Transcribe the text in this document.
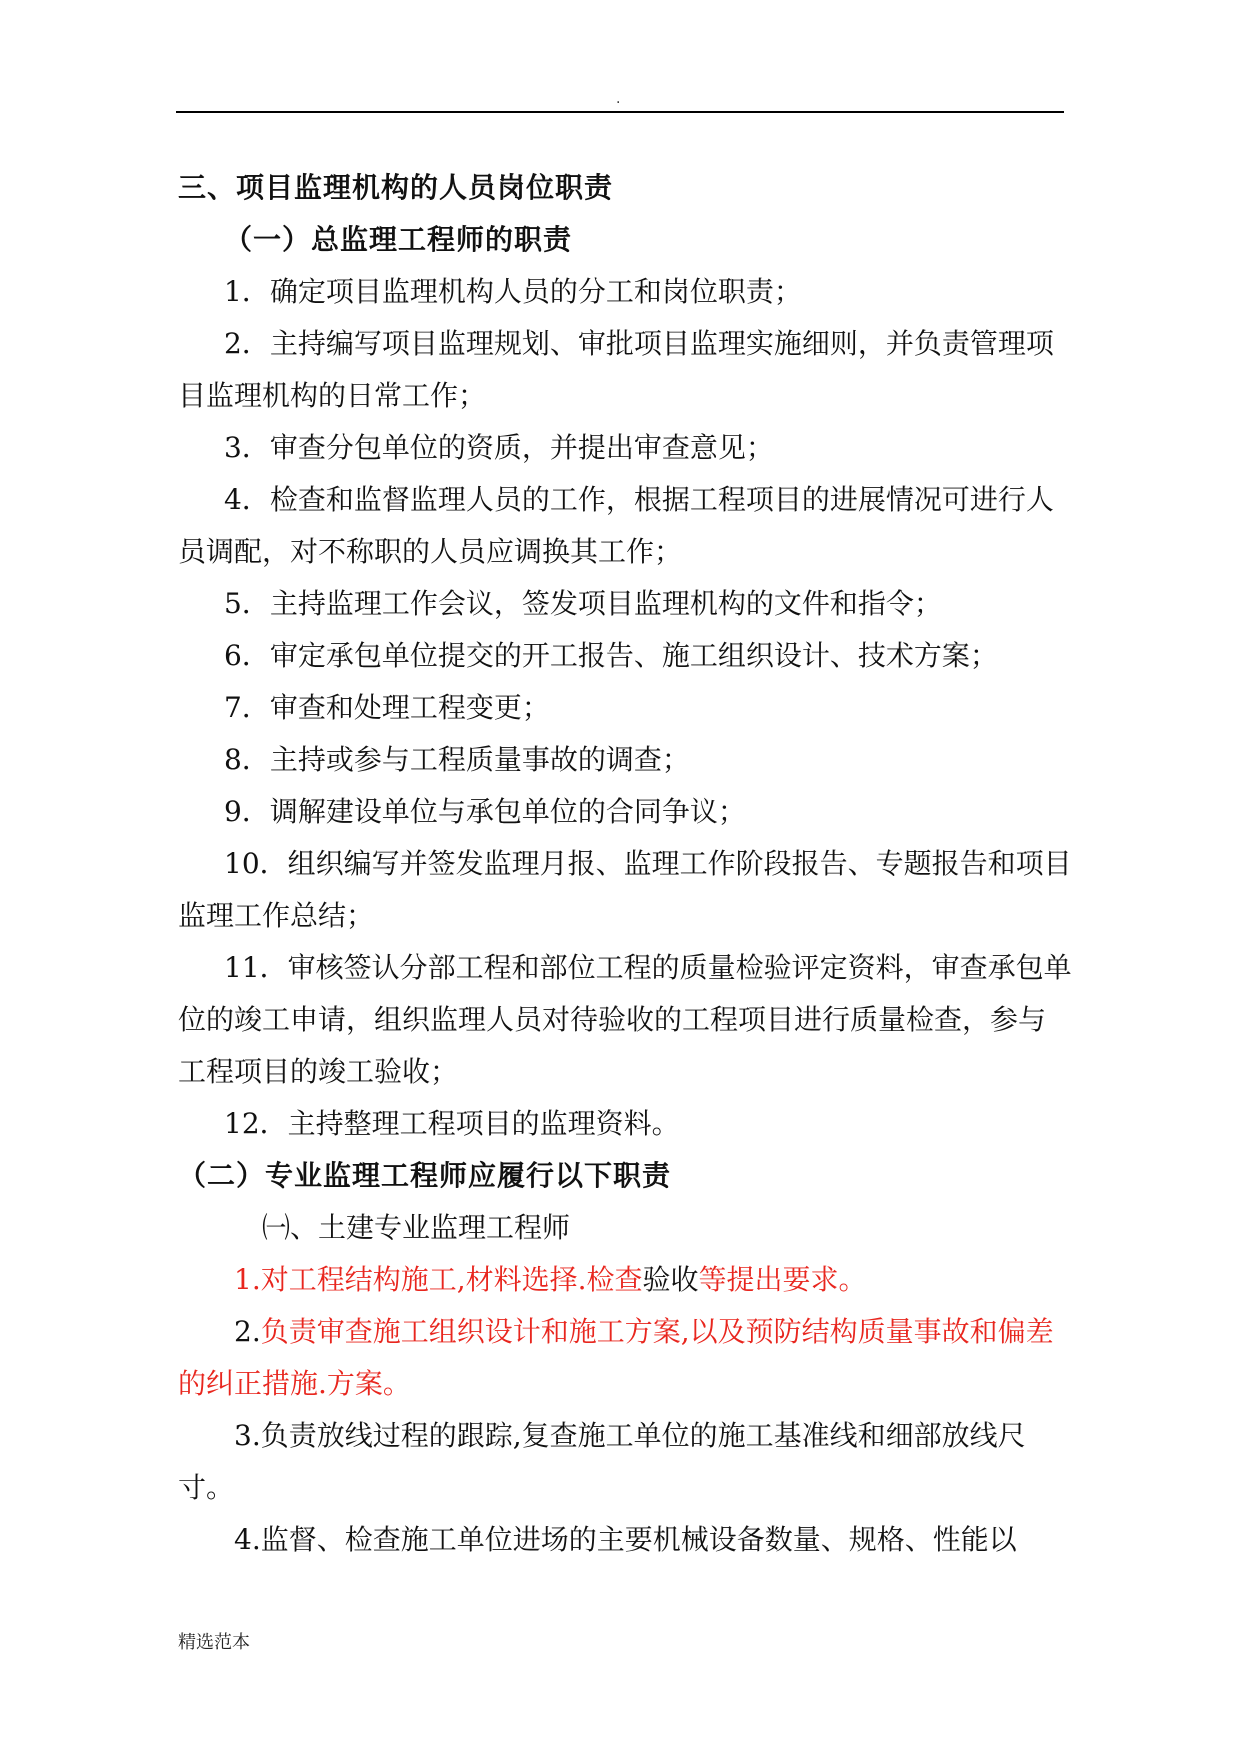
.

三、项目监理机构的人员岗位职责

（一）总监理工程师的职责

1．确定项目监理机构人员的分工和岗位职责；

2．主持编写项目监理规划、审批项目监理实施细则，并负责管理项目监理机构的日常工作；

3．审查分包单位的资质，并提出审查意见；

4．检查和监督监理人员的工作，根据工程项目的进展情况可进行人员调配，对不称职的人员应调换其工作；

5．主持监理工作会议，签发项目监理机构的文件和指令；

6．审定承包单位提交的开工报告、施工组织设计、技术方案；

7．审查和处理工程变更；

8．主持或参与工程质量事故的调查；

9．调解建设单位与承包单位的合同争议；

10．组织编写并签发监理月报、监理工作阶段报告、专题报告和项目监理工作总结；

11．审核签认分部工程和部位工程的质量检验评定资料，审查承包单位的竣工申请，组织监理人员对待验收的工程项目进行质量检查，参与工程项目的竣工验收；

12．主持整理工程项目的监理资料。

（二）专业监理工程师应履行以下职责

㈠、土建专业监理工程师

1.对工程结构施工,材料选择.检查验收等提出要求。

2.负责审查施工组织设计和施工方案,以及预防结构质量事故和偏差的纠正措施.方案。

3.负责放线过程的跟踪,复查施工单位的施工基准线和细部放线尺寸。

4.监督、检查施工单位进场的主要机械设备数量、规格、性能以

精选范本
